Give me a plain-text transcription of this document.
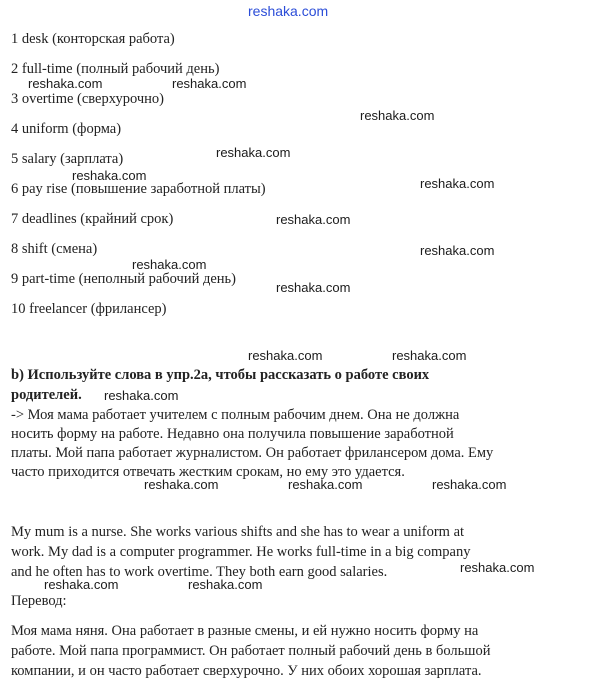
reshaka.com
1 desk (конторская работа)
2 full-time (полный рабочий день)
3 overtime (сверхурочно)
4 uniform (форма)
5 salary (зарплата)
6 pay rise (повышение заработной платы)
7 deadlines (крайний срок)
8 shift (смена)
9 part-time (неполный рабочий день)
10 freelancer (фрилансер)
b) Используйте слова в упр.2а, чтобы рассказать о работе своих
родителей.
-> Моя мама работает учителем с полным рабочим днем. Она не должна
носить форму на работе. Недавно она получила повышение заработной
платы. Мой папа работает журналистом. Он работает фрилансером дома. Ему
часто приходится отвечать жестким срокам, но ему это удается.
My mum is a nurse. She works various shifts and she has to wear a uniform at
work. My dad is a computer programmer. He works full-time in a big company
and he often has to work overtime. They both earn good salaries.
Перевод:
Моя мама няня. Она работает в разные смены, и ей нужно носить форму на
работе. Мой папа программист. Он работает полный рабочий день в большой
компании, и он часто работает сверхурочно. У них обоих хорошая зарплата.
reshaka.com	reshaka.com
reshaka.com
reshaka.com
reshaka.com
reshaka.com
reshaka.com
reshaka.com
reshaka.com
reshaka.com
reshaka.com	reshaka.com
reshaka.com
reshaka.com	reshaka.com	reshaka.com
reshaka.com
reshaka.com	reshaka.com
